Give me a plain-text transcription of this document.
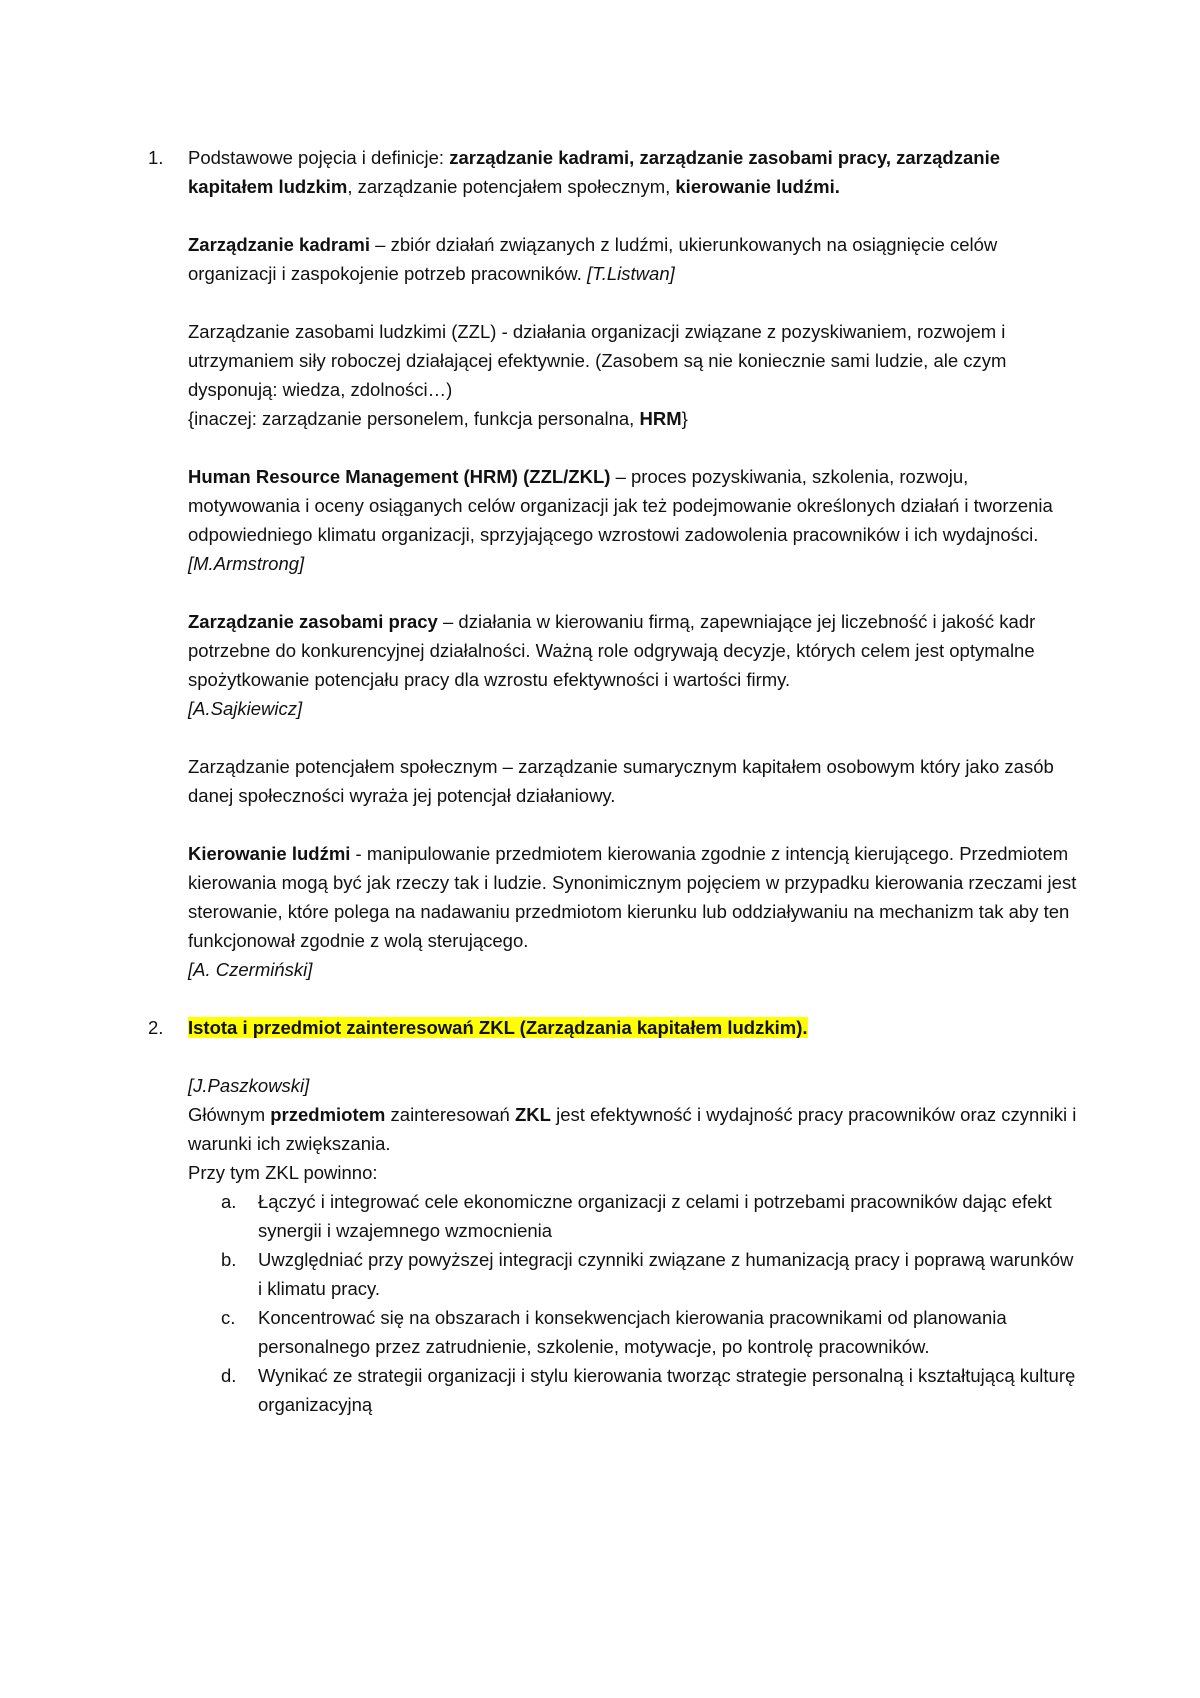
1. Podstawowe pojęcia i definicje: zarządzanie kadrami, zarządzanie zasobami pracy, zarządzanie kapitałem ludzkim, zarządzanie potencjałem społecznym, kierowanie ludźmi.
Zarządzanie kadrami – zbiór działań związanych z ludźmi, ukierunkowanych na osiągnięcie celów organizacji i zaspokojenie potrzeb pracowników. [T.Listwan]
Zarządzanie zasobami ludzkimi (ZZL) - działania organizacji związane z pozyskiwaniem, rozwojem i utrzymaniem siły roboczej działającej efektywnie. (Zasobem są nie koniecznie sami ludzie, ale czym dysponują: wiedza, zdolności…)
{inaczej: zarządzanie personelem, funkcja personalna, HRM}
Human Resource Management (HRM) (ZZL/ZKL) – proces pozyskiwania, szkolenia, rozwoju, motywowania i oceny osiąganych celów organizacji jak też podejmowanie określonych działań i tworzenia odpowiedniego klimatu organizacji, sprzyjającego wzrostowi zadowolenia pracowników i ich wydajności. [M.Armstrong]
Zarządzanie zasobami pracy – działania w kierowaniu firmą, zapewniające jej liczebność i jakość kadr potrzebne do konkurencyjnej działalności. Ważną role odgrywają decyzje, których celem jest optymalne spożytkowanie potencjału pracy dla wzrostu efektywności i wartości firmy.
[A.Sajkiewicz]
Zarządzanie potencjałem społecznym – zarządzanie sumarycznym kapitałem osobowym który jako zasób danej społeczności wyraża jej potencjał działaniowy.
Kierowanie ludźmi - manipulowanie przedmiotem kierowania zgodnie z intencją kierującego. Przedmiotem kierowania mogą być jak rzeczy tak i ludzie. Synonimicznym pojęciem w przypadku kierowania rzeczami jest sterowanie, które polega na nadawaniu przedmiotom kierunku lub oddziaływaniu na mechanizm tak aby ten funkcjonował zgodnie z wolą sterującego.
[A. Czermiński]
2. Istota i przedmiot zainteresowań ZKL (Zarządzania kapitałem ludzkim).
[J.Paszkowski]
Głównym przedmiotem zainteresowań ZKL jest efektywność i wydajność pracy pracowników oraz czynniki i warunki ich zwiększania.
Przy tym ZKL powinno:
a. Łączyć i integrować cele ekonomiczne organizacji z celami i potrzebami pracowników dając efekt synergii i wzajemnego wzmocnienia
b. Uwzględniać przy powyższej integracji czynniki związane z humanizacją pracy i poprawą warunków i klimatu pracy.
c. Koncentrować się na obszarach i konsekwencjach kierowania pracownikami od planowania personalnego przez zatrudnienie, szkolenie, motywacje, po kontrolę pracowników.
d. Wynikać ze strategii organizacji i stylu kierowania tworząc strategie personalną i kształtującą kulturę organizacyjną
